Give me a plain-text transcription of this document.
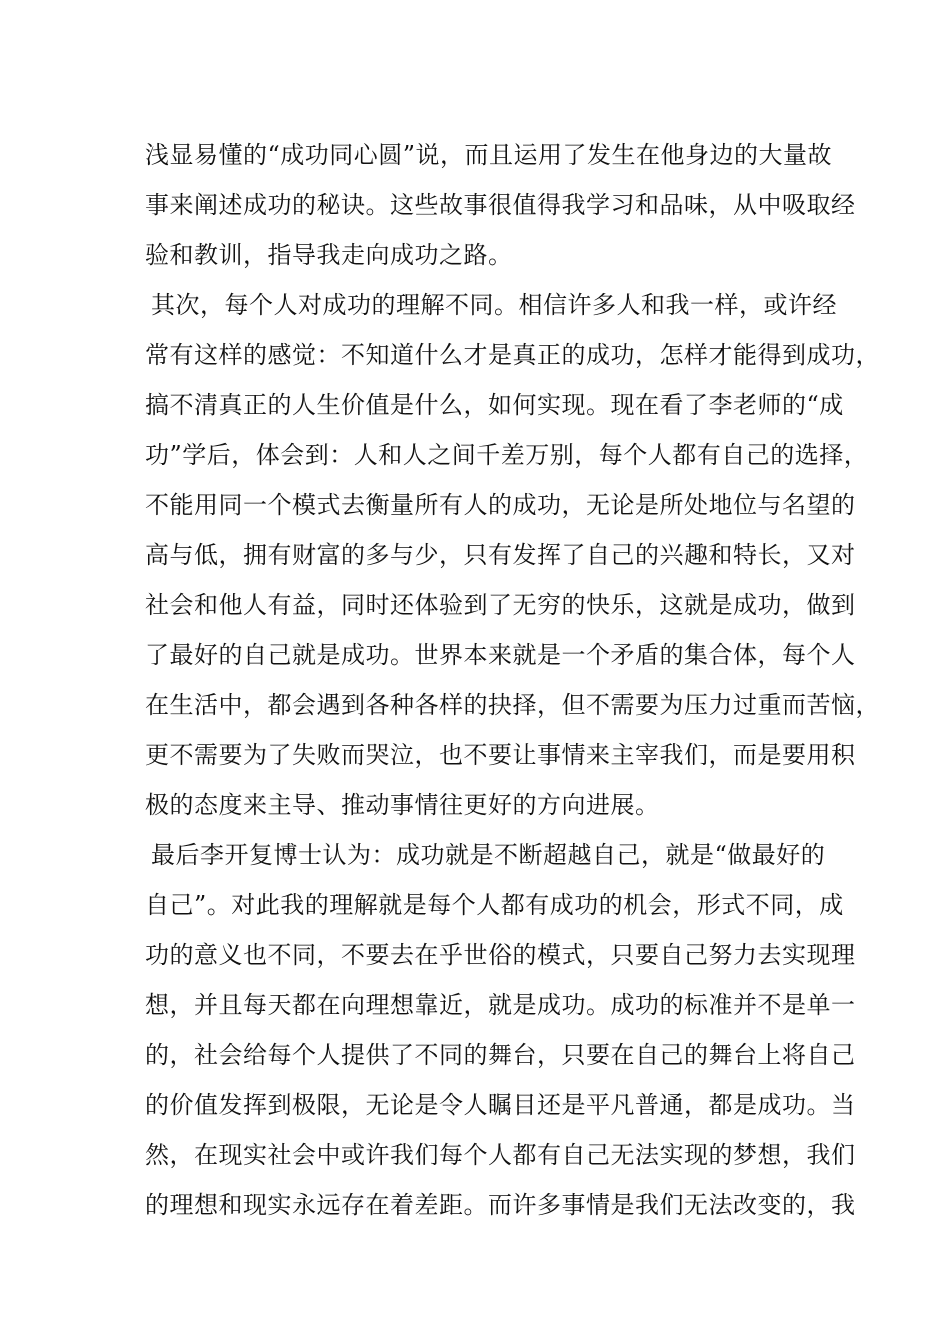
浅显易懂的“成功同心圆”说，而且运用了发生在他身边的大量故
事来阐述成功的秘诀。这些故事很值得我学习和品味，从中吸取经
验和教训，指导我走向成功之路。
其次，每个人对成功的理解不同。相信许多人和我一样，或许经
常有这样的感觉：不知道什么才是真正的成功，怎样才能得到成功，
搞不清真正的人生价值是什么，如何实现。现在看了李老师的“成
功”学后，体会到：人和人之间千差万别，每个人都有自己的选择，
不能用同一个模式去衡量所有人的成功，无论是所处地位与名望的
高与低，拥有财富的多与少，只有发挥了自己的兴趣和特长，又对
社会和他人有益，同时还体验到了无穷的快乐，这就是成功，做到
了最好的自己就是成功。世界本来就是一个矛盾的集合体，每个人
在生活中，都会遇到各种各样的抉择，但不需要为压力过重而苦恼，
更不需要为了失败而哭泣，也不要让事情来主宰我们，而是要用积
极的态度来主导、推动事情往更好的方向进展。
最后李开复博士认为：成功就是不断超越自己，就是“做最好的
自己”。对此我的理解就是每个人都有成功的机会，形式不同，成
功的意义也不同，不要去在乎世俗的模式，只要自己努力去实现理
想，并且每天都在向理想靠近，就是成功。成功的标准并不是单一
的，社会给每个人提供了不同的舞台，只要在自己的舞台上将自己
的价值发挥到极限，无论是令人瞩目还是平凡普通，都是成功。当
然，在现实社会中或许我们每个人都有自己无法实现的梦想，我们
的理想和现实永远存在着差距。而许多事情是我们无法改变的，我
